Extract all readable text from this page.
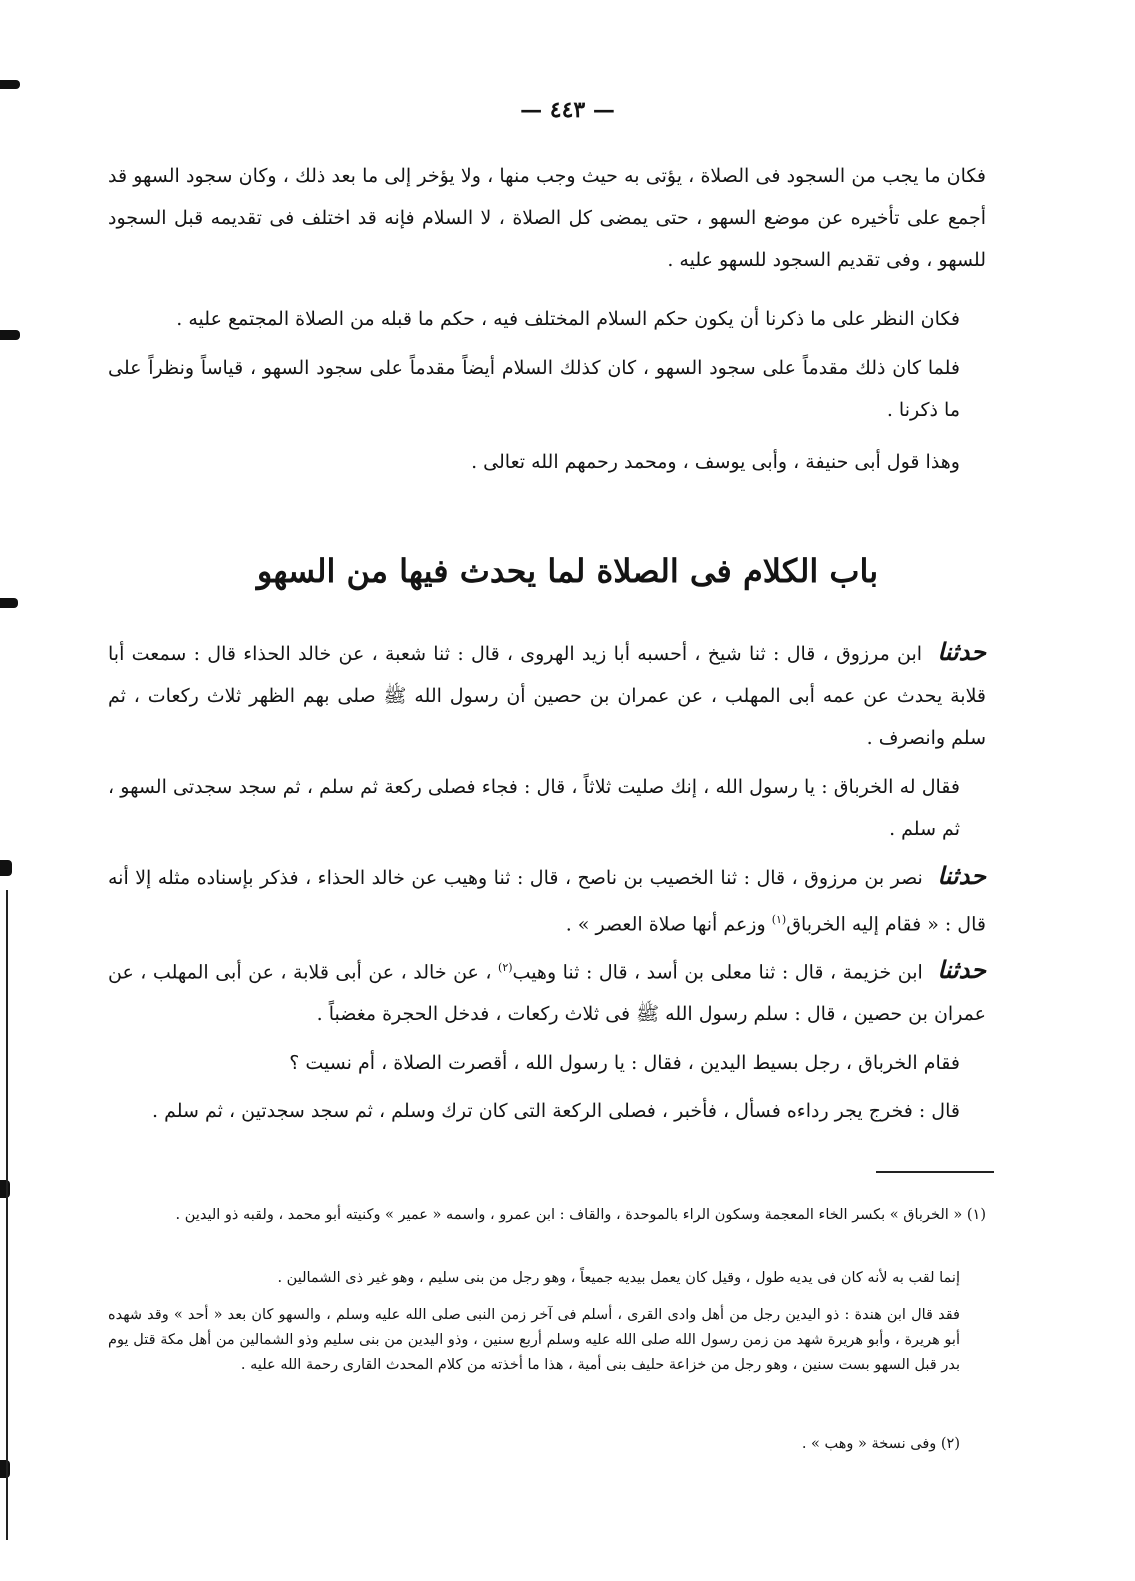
— ٤٤٣ —

فكان ما يجب من السجود فى الصلاة ، يؤتى به حيث وجب منها ، ولا يؤخر إلى ما بعد ذلك ، وكان سجود السهو قد أجمع على تأخيره عن موضع السهو ، حتى يمضى كل الصلاة ، لا السلام فإنه قد اختلف فى تقديمه قبل السجود للسهو ، وفى تقديم السجود للسهو عليه .

فكان النظر على ما ذكرنا أن يكون حكم السلام المختلف فيه ، حكم ما قبله من الصلاة المجتمع عليه .

فلما كان ذلك مقدماً على سجود السهو ، كان كذلك السلام أيضاً مقدماً على سجود السهو ، قياساً ونظراً على ما ذكرنا .

وهذا قول أبى حنيفة ، وأبى يوسف ، ومحمد رحمهم الله تعالى .

باب الكلام فى الصلاة لما يحدث فيها من السهو

حدثنا ابن مرزوق ، قال : ثنا شيخ ، أحسبه أبا زيد الهروى ، قال : ثنا شعبة ، عن خالد الحذاء قال : سمعت أبا قلابة يحدث عن عمه أبى المهلب ، عن عمران بن حصين أن رسول الله ﷺ صلى بهم الظهر ثلاث ركعات ، ثم سلم وانصرف .

فقال له الخرباق : يا رسول الله ، إنك صليت ثلاثاً ، قال : فجاء فصلى ركعة ثم سلم ، ثم سجد سجدتى السهو ، ثم سلم .

حدثنا نصر بن مرزوق ، قال : ثنا الخصيب بن ناصح ، قال : ثنا وهيب عن خالد الحذاء ، فذكر بإسناده مثله إلا أنه قال : « فقام إليه الخرباق$^{(١)}$ وزعم أنها صلاة العصر » .

حدثنا ابن خزيمة ، قال : ثنا معلى بن أسد ، قال : ثنا وهيب$^{(٢)}$ ، عن خالد ، عن أبى قلابة ، عن أبى المهلب ، عن عمران بن حصين ، قال : سلم رسول الله ﷺ فى ثلاث ركعات ، فدخل الحجرة مغضباً .

فقام الخرباق ، رجل بسيط اليدين ، فقال : يا رسول الله ، أقصرت الصلاة ، أم نسيت ؟

قال : فخرج يجر رداءه فسأل ، فأخبر ، فصلى الركعة التى كان ترك وسلم ، ثم سجد سجدتين ، ثم سلم .

(١) « الخرباق » بكسر الخاء المعجمة وسكون الراء بالموحدة ، والقاف : ابن عمرو ، واسمه « عمير » وكنيته أبو محمد ، ولقبه ذو اليدين .

إنما لقب به لأنه كان فى يديه طول ، وقيل كان يعمل بيديه جميعاً ، وهو رجل من بنى سليم ، وهو غير ذى الشمالين .

فقد قال ابن هندة : ذو اليدين رجل من أهل وادى القرى ، أسلم فى آخر زمن النبى صلى الله عليه وسلم ، والسهو كان بعد « أحد » وقد شهده أبو هريرة ، وأبو هريرة شهد من زمن رسول الله صلى الله عليه وسلم أربع سنين ، وذو اليدين من بنى سليم وذو الشمالين من أهل مكة قتل يوم بدر قبل السهو بست سنين ، وهو رجل من خزاعة حليف بنى أمية ، هذا ما أخذته من كلام المحدث القارى رحمة الله عليه .

(٢) وفى نسخة « وهب » .
